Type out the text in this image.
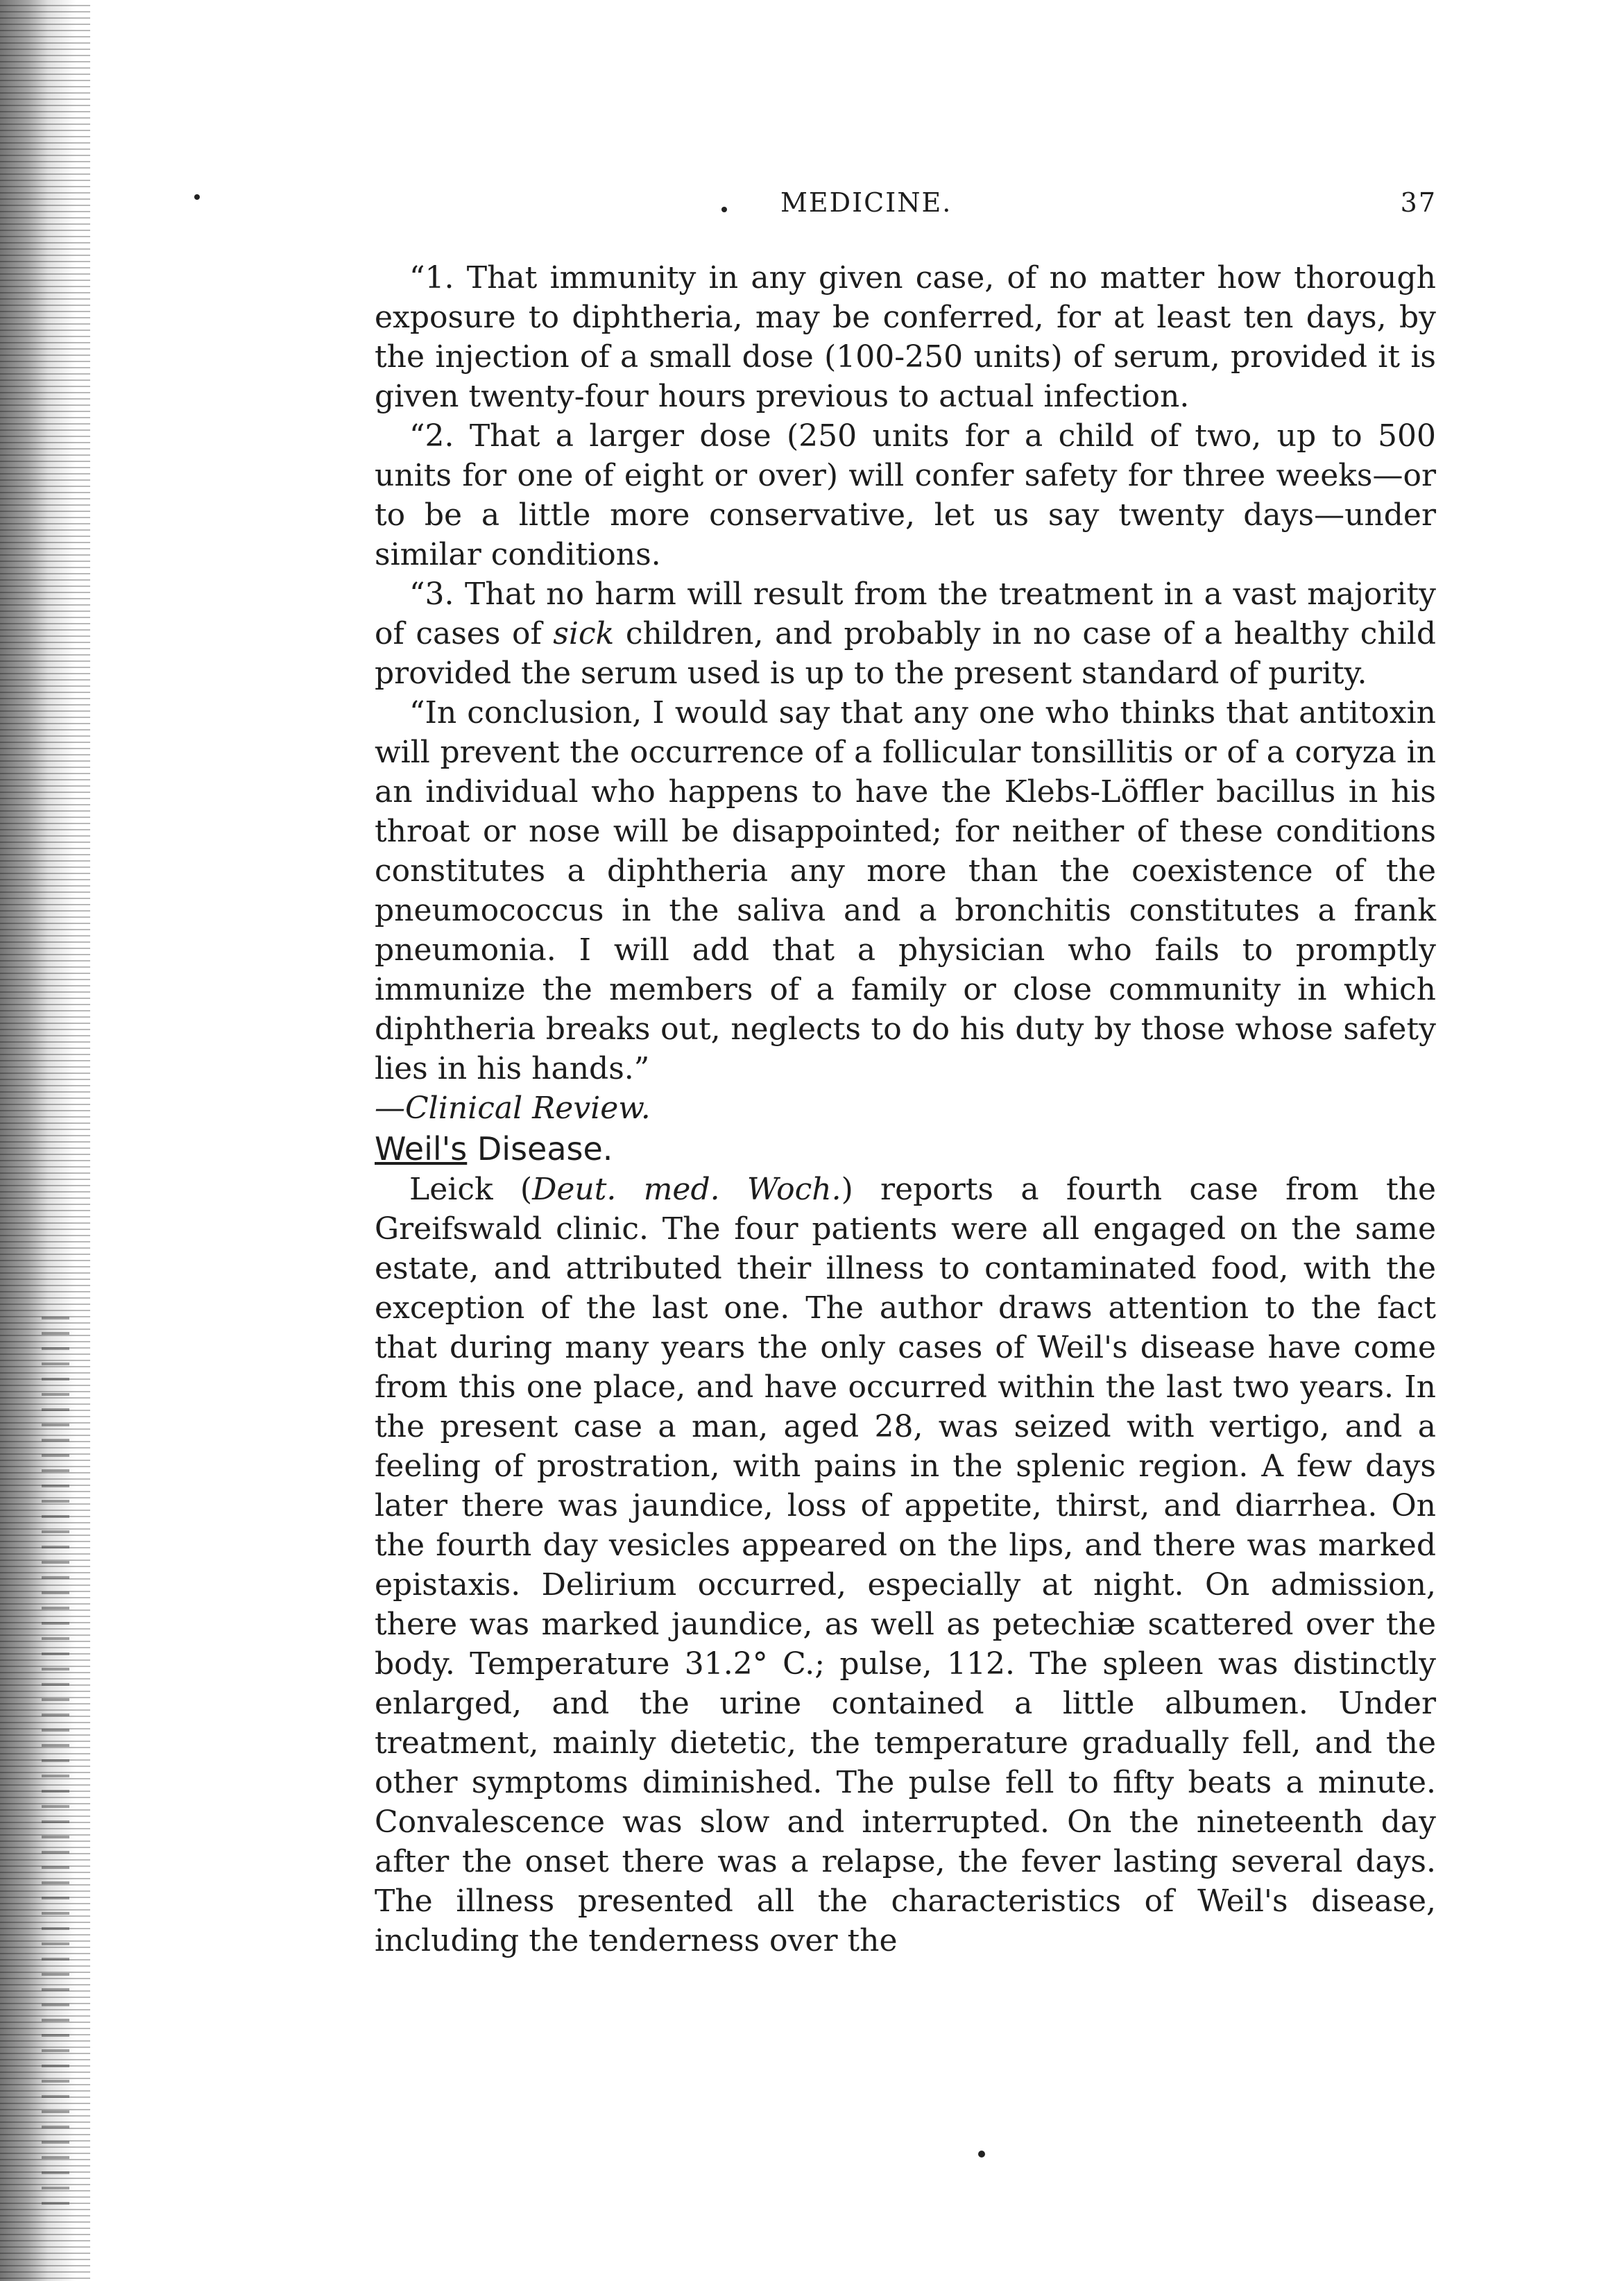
MEDICINE.	37

“1. That immunity in any given case, of no matter how thorough exposure to diphtheria, may be conferred, for at least ten days, by the injection of a small dose (100-250 units) of serum, provided it is given twenty-four hours previous to actual infection.

“2. That a larger dose (250 units for a child of two, up to 500 units for one of eight or over) will confer safety for three weeks—or to be a little more conservative, let us say twenty days—under similar conditions.

“3. That no harm will result from the treatment in a vast majority of cases of sick children, and probably in no case of a healthy child provided the serum used is up to the present standard of purity.

“In conclusion, I would say that any one who thinks that antitoxin will prevent the occurrence of a follicular tonsillitis or of a coryza in an individual who happens to have the Klebs-Löffler bacillus in his throat or nose will be disappointed; for neither of these conditions constitutes a diphtheria any more than the coexistence of the pneumococcus in the saliva and a bronchitis constitutes a frank pneumonia. I will add that a physician who fails to promptly immunize the members of a family or close community in which diphtheria breaks out, neglects to do his duty by those whose safety lies in his hands.”

—Clinical Review.

Weil's Disease.

Leick (Deut. med. Woch.) reports a fourth case from the Greifswald clinic. The four patients were all engaged on the same estate, and attributed their illness to contaminated food, with the exception of the last one. The author draws attention to the fact that during many years the only cases of Weil's disease have come from this one place, and have occurred within the last two years. In the present case a man, aged 28, was seized with vertigo, and a feeling of prostration, with pains in the splenic region. A few days later there was jaundice, loss of appetite, thirst, and diarrhea. On the fourth day vesicles appeared on the lips, and there was marked epistaxis. Delirium occurred, especially at night. On admission, there was marked jaundice, as well as petechiæ scattered over the body. Temperature 31.2° C.; pulse, 112. The spleen was distinctly enlarged, and the urine contained a little albumen. Under treatment, mainly dietetic, the temperature gradually fell, and the other symptoms diminished. The pulse fell to fifty beats a minute. Convalescence was slow and interrupted. On the nineteenth day after the onset there was a relapse, the fever lasting several days. The illness presented all the characteristics of Weil's disease, including the tenderness over the
